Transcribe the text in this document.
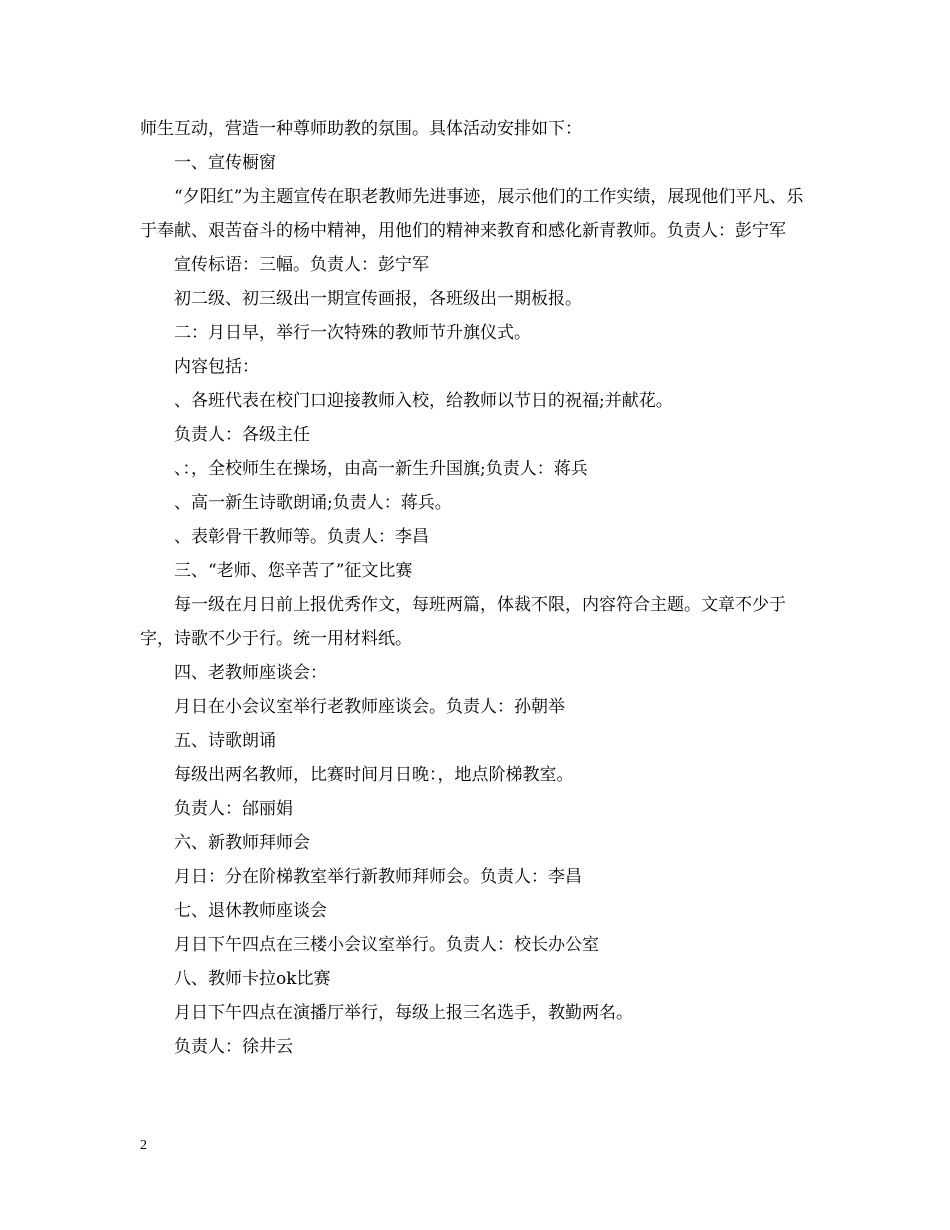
师生互动，营造一种尊师助教的氛围。具体活动安排如下：

一、宣传橱窗

“夕阳红”为主题宣传在职老教师先进事迹，展示他们的工作实绩，展现他们平凡、乐于奉献、艰苦奋斗的杨中精神，用他们的精神来教育和感化新青教师。负责人：彭宁军

宣传标语：三幅。负责人：彭宁军

初二级、初三级出一期宣传画报，各班级出一期板报。

二：月日早，举行一次特殊的教师节升旗仪式。

内容包括：

、各班代表在校门口迎接教师入校，给教师以节日的祝福;并献花。

负责人：各级主任

、：，全校师生在操场，由高一新生升国旗;负责人：蒋兵

、高一新生诗歌朗诵;负责人：蒋兵。

、表彰骨干教师等。负责人：李昌

三、“老师、您辛苦了”征文比赛

每一级在月日前上报优秀作文，每班两篇，体裁不限，内容符合主题。文章不少于字，诗歌不少于行。统一用材料纸。

四、老教师座谈会：

月日在小会议室举行老教师座谈会。负责人：孙朝举

五、诗歌朗诵

每级出两名教师，比赛时间月日晚：，地点阶梯教室。

负责人：邰丽娟

六、新教师拜师会

月日：分在阶梯教室举行新教师拜师会。负责人：李昌

七、退休教师座谈会

月日下午四点在三楼小会议室举行。负责人：校长办公室

八、教师卡拉ok比赛

月日下午四点在演播厅举行，每级上报三名选手，教勤两名。

负责人：徐井云

2
